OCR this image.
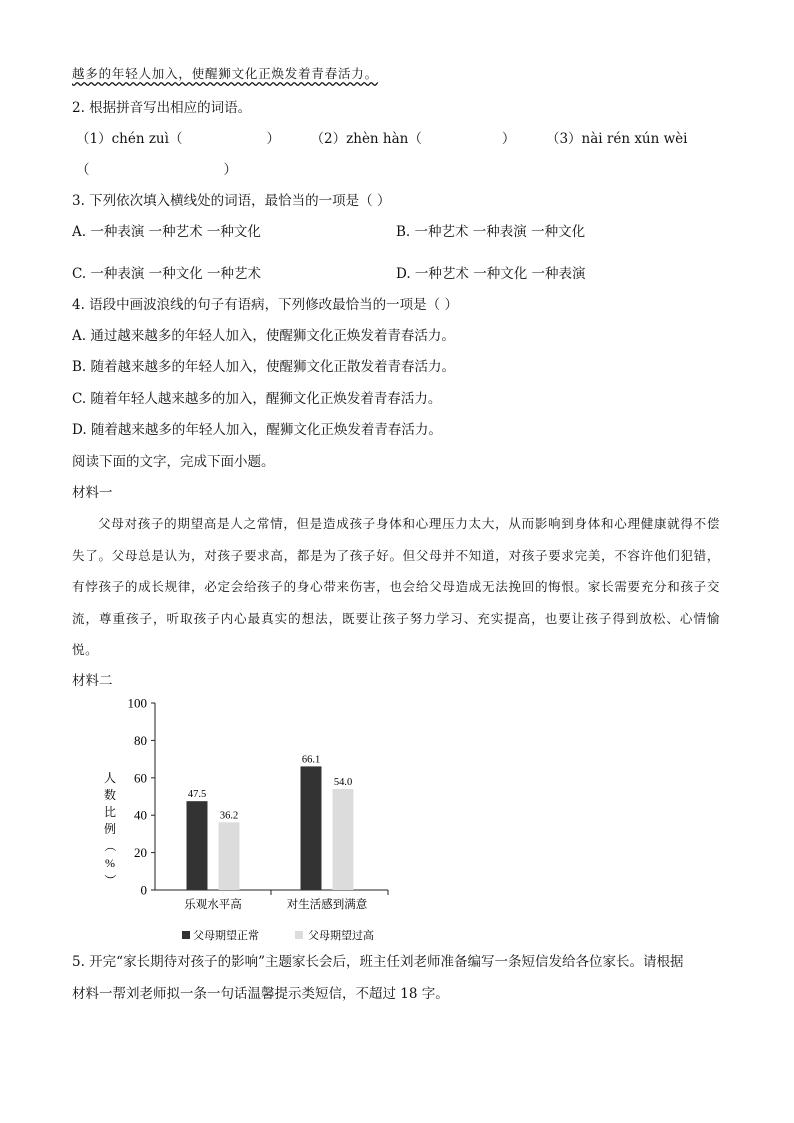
越多的年轻人加入，使醒狮文化正焕发着青春活力。
2. 根据拼音写出相应的词语。
（1）chén zuì（	） （2）zhèn hàn（	） （3）nài rén xún wèi
（	）
3. 下列依次填入横线处的词语，最恰当的一项是（ ）
A. 一种表演 一种艺术 一种文化	B. 一种艺术 一种表演 一种文化
C. 一种表演 一种文化 一种艺术	D. 一种艺术 一种文化 一种表演
4. 语段中画波浪线的句子有语病，下列修改最恰当的一项是（ ）
A. 通过越来越多的年轻人加入，使醒狮文化正焕发着青春活力。
B. 随着越来越多的年轻人加入，使醒狮文化正散发着青春活力。
C. 随着年轻人越来越多的加入，醒狮文化正焕发着青春活力。
D. 随着越来越多的年轻人加入，醒狮文化正焕发着青春活力。
阅读下面的文字，完成下面小题。
材料一
父母对孩子的期望高是人之常情，但是造成孩子身体和心理压力太大，从而影响到身体和心理健康就得不偿失了。父母总是认为，对孩子要求高，都是为了孩子好。但父母并不知道，对孩子要求完美，不容许他们犯错，有悖孩子的成长规律，必定会给孩子的身心带来伤害，也会给父母造成无法挽回的悔恨。家长需要充分和孩子交流，尊重孩子，听取孩子内心最真实的想法，既要让孩子努力学习、充实提高，也要让孩子得到放松、心情愉悦。
材料二
0
20
40
60
80
100
人
数
比
例
（
%
）
47.5
36.2
乐观水平高
66.1
54.0
对生活感到满意
父母期望正常	父母期望过高
5. 开完“家长期待对孩子的影响”主题家长会后，班主任刘老师准备编写一条短信发给各位家长。请根据
材料一帮刘老师拟一条一句话温馨提示类短信，不超过 18 字。
